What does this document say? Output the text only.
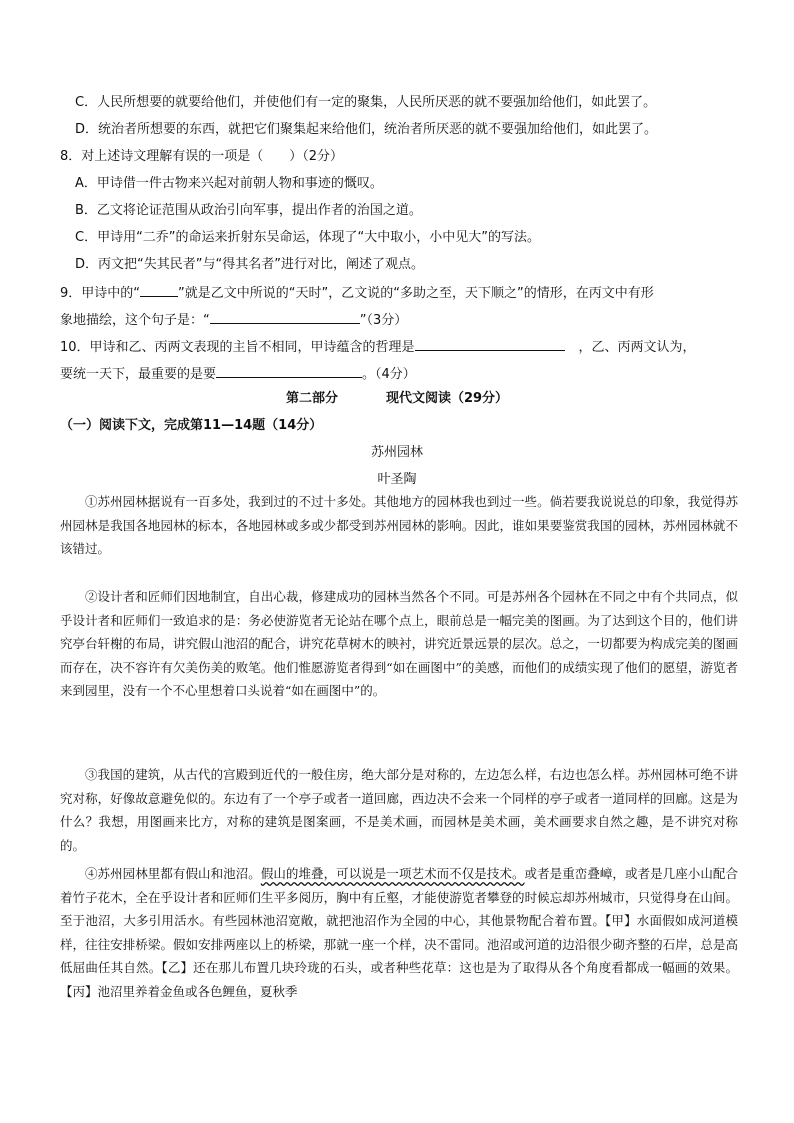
C．人民所想要的就要给他们，并使他们有一定的聚集，人民所厌恶的就不要强加给他们，如此罢了。
D．统治者所想要的东西，就把它们聚集起来给他们，统治者所厌恶的就不要强加给他们，如此罢了。
8．对上述诗文理解有误的一项是（　　）（2分）
A．甲诗借一件古物来兴起对前朝人物和事迹的慨叹。
B．乙文将论证范围从政治引向军事，提出作者的治国之道。
C．甲诗用“二乔”的命运来折射东吴命运，体现了“大中取小，小中见大”的写法。
D．丙文把“失其民者”与“得其名者”进行对比，阐述了观点。
9．甲诗中的“	”就是乙文中所说的“天时”，乙文说的“多助之至，天下顺之”的情形，在丙文中有形
象地描绘，这个句子是：“	”（3分）
10．甲诗和乙、丙两文表现的主旨不相同，甲诗蕴含的哲理是	，乙、丙两文认为，
要统一天下，最重要的是要	。（4分）
第二部分	现代文阅读（29分）
（一）阅读下文，完成第11—14题（14分）
苏州园林
叶圣陶

①苏州园林据说有一百多处，我到过的不过十多处。其他地方的园林我也到过一些。倘若要我说说总的印象，我觉得苏州园林是我国各地园林的标本，各地园林或多或少都受到苏州园林的影响。因此，谁如果要鉴赏我国的园林，苏州园林就不该错过。

②设计者和匠师们因地制宜，自出心裁，修建成功的园林当然各个不同。可是苏州各个园林在不同之中有个共同点，似乎设计者和匠师们一致追求的是：务必使游览者无论站在哪个点上，眼前总是一幅完美的图画。为了达到这个目的，他们讲究亭台轩榭的布局，讲究假山池沼的配合，讲究花草树木的映衬，讲究近景远景的层次。总之，一切都要为构成完美的图画而存在，决不容许有欠美伤美的败笔。他们惟愿游览者得到“如在画图中”的美感，而他们的成绩实现了他们的愿望，游览者来到园里，没有一个不心里想着口头说着“如在画图中”的。

③我国的建筑，从古代的宫殿到近代的一般住房，绝大部分是对称的，左边怎么样，右边也怎么样。苏州园林可绝不讲究对称，好像故意避免似的。东边有了一个亭子或者一道回廊，西边决不会来一个同样的亭子或者一道同样的回廊。这是为什么？我想，用图画来比方，对称的建筑是图案画，不是美术画，而园林是美术画，美术画要求自然之趣，是不讲究对称的。

④苏州园林里都有假山和池沼。假山的堆叠，可以说是一项艺术而不仅是技术。或者是重峦叠嶂，或者是几座小山配合着竹子花木，全在乎设计者和匠师们生平多阅历，胸中有丘壑，才能使游览者攀登的时候忘却苏州城市，只觉得身在山间。至于池沼，大多引用活水。有些园林池沼宽敞，就把池沼作为全园的中心，其他景物配合着布置。【甲】水面假如成河道模样，往往安排桥梁。假如安排两座以上的桥梁，那就一座一个样，决不雷同。池沼或河道的边沿很少砌齐整的石岸，总是高低屈曲任其自然。【乙】还在那儿布置几块玲珑的石头，或者种些花草：这也是为了取得从各个角度看都成一幅画的效果。【丙】池沼里养着金鱼或各色鲤鱼，夏秋季
